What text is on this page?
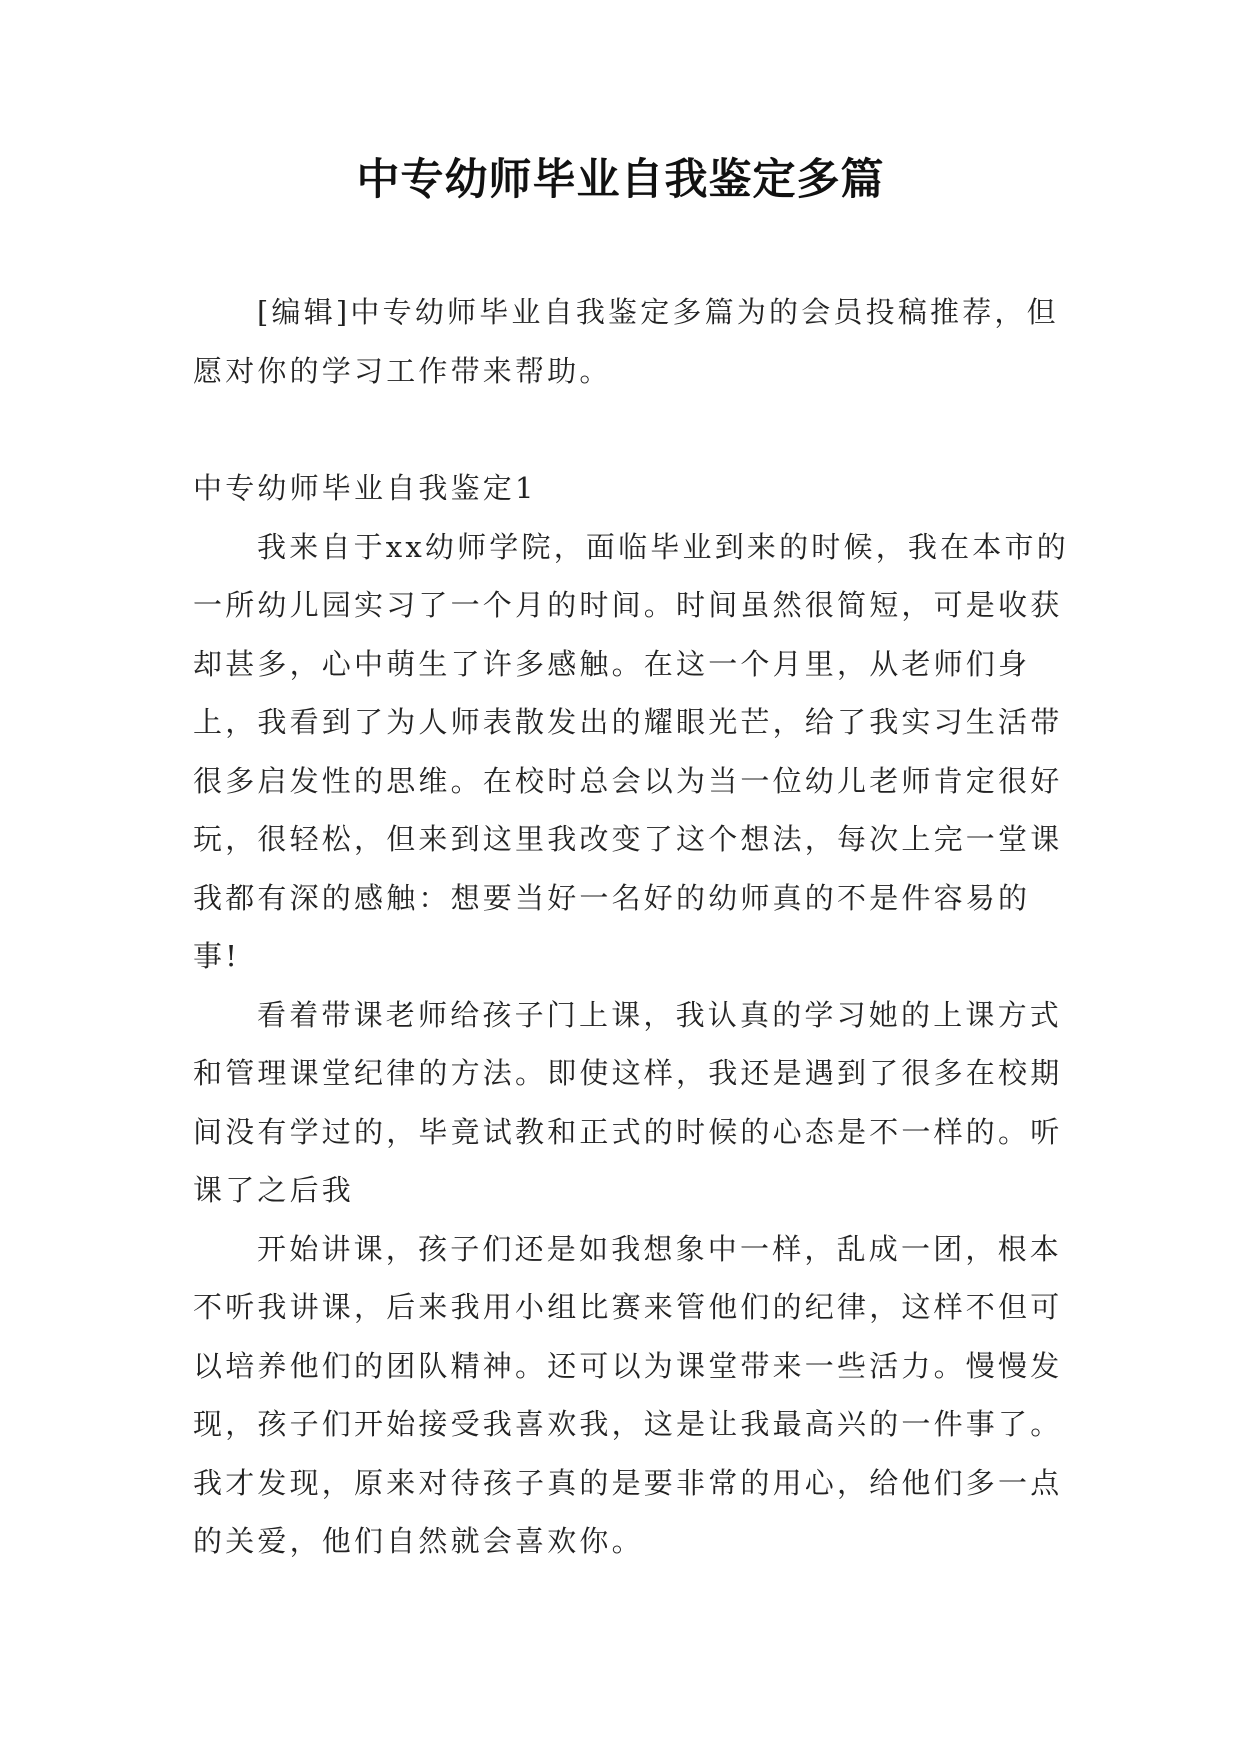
中专幼师毕业自我鉴定多篇

[编辑]中专幼师毕业自我鉴定多篇为的会员投稿推荐，但愿对你的学习工作带来帮助。

中专幼师毕业自我鉴定1

我来自于xx幼师学院，面临毕业到来的时候，我在本市的一所幼儿园实习了一个月的时间。时间虽然很简短，可是收获却甚多，心中萌生了许多感触。在这一个月里，从老师们身上，我看到了为人师表散发出的耀眼光芒，给了我实习生活带很多启发性的思维。在校时总会以为当一位幼儿老师肯定很好玩，很轻松，但来到这里我改变了这个想法，每次上完一堂课我都有深的感触：想要当好一名好的幼师真的不是件容易的事!

看着带课老师给孩子门上课，我认真的学习她的上课方式和管理课堂纪律的方法。即使这样，我还是遇到了很多在校期间没有学过的，毕竟试教和正式的时候的心态是不一样的。听课了之后我

开始讲课，孩子们还是如我想象中一样，乱成一团，根本不听我讲课，后来我用小组比赛来管他们的纪律，这样不但可以培养他们的团队精神。还可以为课堂带来一些活力。慢慢发现，孩子们开始接受我喜欢我，这是让我最高兴的一件事了。我才发现，原来对待孩子真的是要非常的用心，给他们多一点的关爱，他们自然就会喜欢你。
